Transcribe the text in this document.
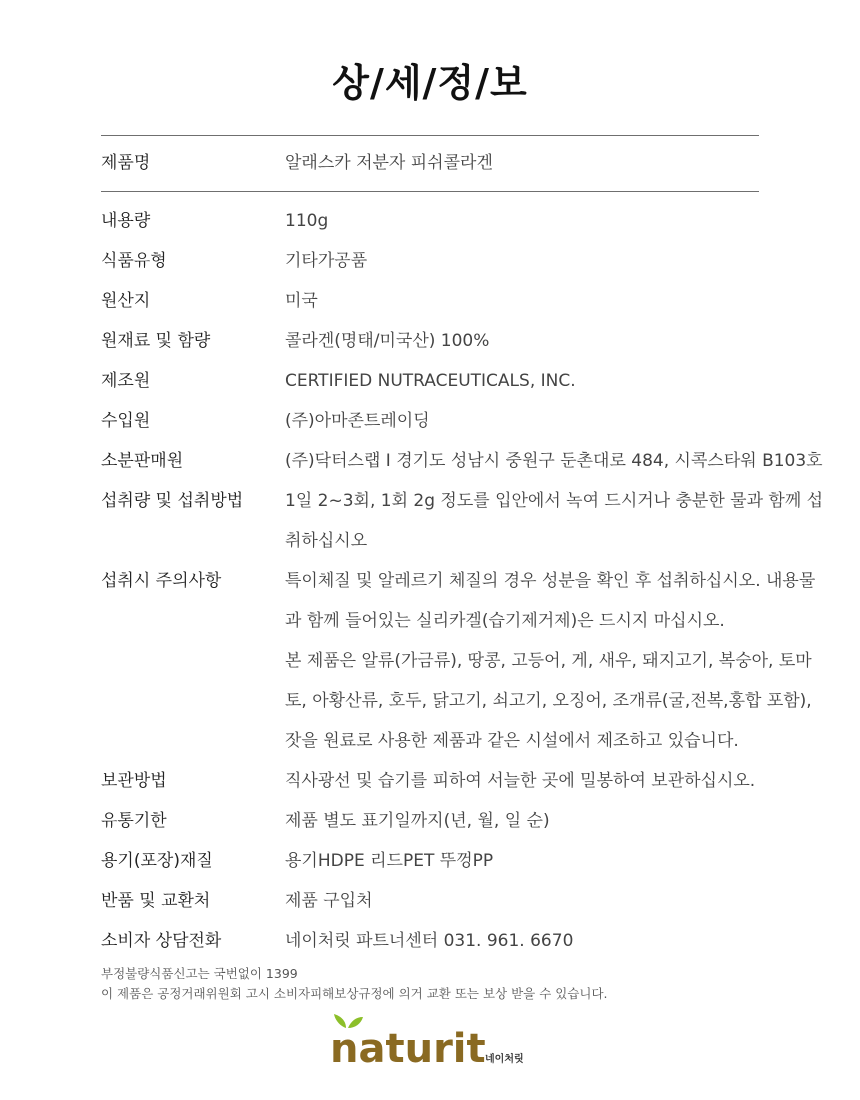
상/세/정/보
제품명	알래스카 저분자 피쉬콜라겐
내용량	110g

식품유형	기타가공품

원산지	미국

원재료 및 함량	콜라겐(명태/미국산) 100%

제조원	CERTIFIED NUTRACEUTICALS, INC.

수입원	(주)아마존트레이딩

소분판매원	(주)닥터스랩 I 경기도 성남시 중원구 둔촌대로 484, 시콕스타워 B103호

섭취량 및 섭취방법	1일 2~3회, 1회 2g 정도를 입안에서 녹여 드시거나 충분한 물과 함께 섭

취하십시오

섭취시 주의사항	특이체질 및 알레르기 체질의 경우 성분을 확인 후 섭취하십시오. 내용물

과 함께 들어있는 실리카겔(습기제거제)은 드시지 마십시오.

본 제품은 알류(가금류), 땅콩, 고등어, 게, 새우, 돼지고기, 복숭아, 토마

토, 아황산류, 호두, 닭고기, 쇠고기, 오징어, 조개류(굴,전복,홍합 포함),

잣을 원료로 사용한 제품과 같은 시설에서 제조하고 있습니다.

보관방법	직사광선 및 습기를 피하여 서늘한 곳에 밀봉하여 보관하십시오.

유통기한	제품 별도 표기일까지(년, 월, 일 순)

용기(포장)재질	용기HDPE 리드PET 뚜껑PP

반품 및 교환처	제품 구입처

소비자 상담전화	네이처릿 파트너센터 031. 961. 6670

부정불량식품신고는 국번없이 1399
이 제품은 공정거래위원회 고시 소비자피해보상규정에 의거 교환 또는 보상 받을 수 있습니다.
naturit 네이처릿
